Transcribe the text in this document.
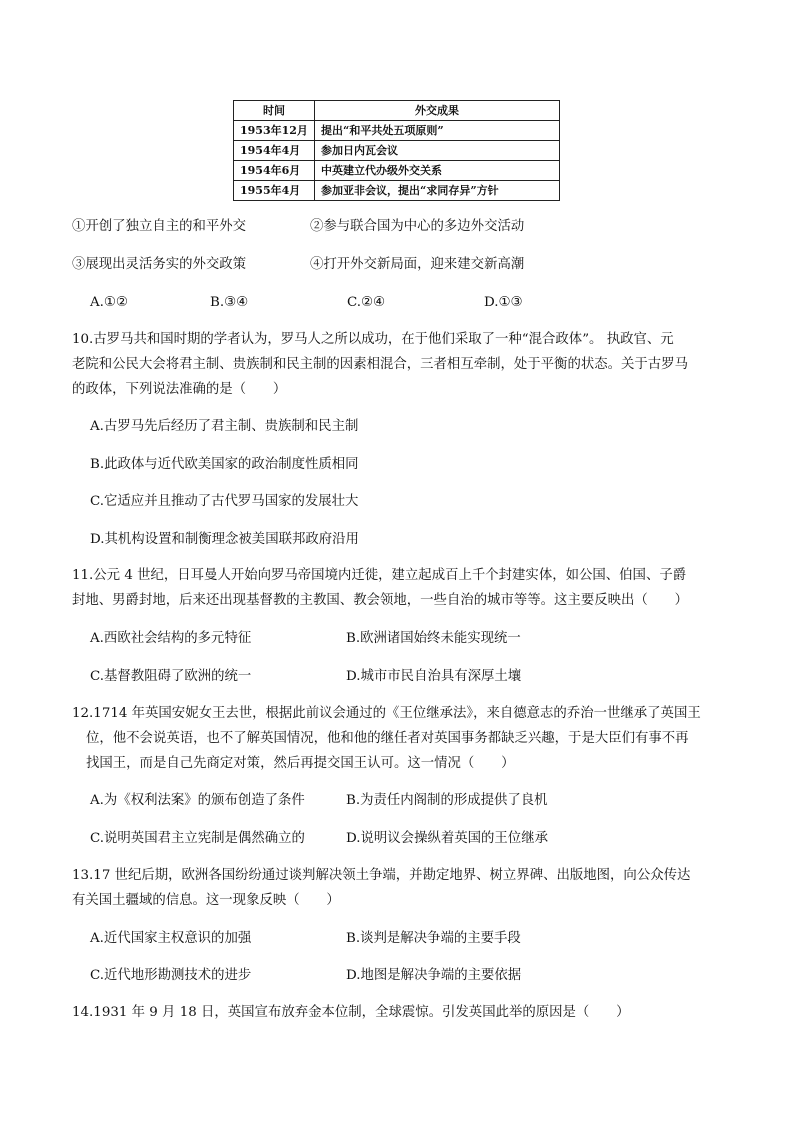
时间	外交成果
1953年12月	提出“和平共处五项原则”
1954年4月	参加日内瓦会议
1954年6月	中英建立代办级外交关系
1955年4月	参加亚非会议，提出“求同存异”方针
①开创了独立自主的和平外交	②参与联合国为中心的多边外交活动
③展现出灵活务实的外交政策	④打开外交新局面，迎来建交新高潮
A.①②	B.③④	C.②④	D.①③
10.古罗马共和国时期的学者认为，罗马人之所以成功，在于他们采取了一种“混合政体”。 执政官、元
老院和公民大会将君主制、贵族制和民主制的因素相混合，三者相互牵制，处于平衡的状态。关于古罗马
的政体，下列说法准确的是（　　）
A.古罗马先后经历了君主制、贵族制和民主制
B.此政体与近代欧美国家的政治制度性质相同
C.它适应并且推动了古代罗马国家的发展壮大
D.其机构设置和制衡理念被美国联邦政府沿用
11.公元 4 世纪，日耳曼人开始向罗马帝国境内迁徙，建立起成百上千个封建实体，如公国、伯国、子爵
封地、男爵封地，后来还出现基督教的主教国、教会领地，一些自治的城市等等。这主要反映出（　　）
A.西欧社会结构的多元特征	B.欧洲诸国始终未能实现统一
C.基督教阻碍了欧洲的统一	D.城市市民自治具有深厚土壤
12.1714 年英国安妮女王去世，根据此前议会通过的《王位继承法》，来自德意志的乔治一世继承了英国王
位，他不会说英语，也不了解英国情况，他和他的继任者对英国事务都缺乏兴趣，于是大臣们有事不再
找国王，而是自己先商定对策，然后再提交国王认可。这一情况（　　）
A.为《权利法案》的颁布创造了条件	B.为责任内阁制的形成提供了良机
C.说明英国君主立宪制是偶然确立的	D.说明议会操纵着英国的王位继承
13.17 世纪后期，欧洲各国纷纷通过谈判解决领土争端，并勘定地界、树立界碑、出版地图，向公众传达
有关国土疆域的信息。这一现象反映（　　）
A.近代国家主权意识的加强	B.谈判是解决争端的主要手段
C.近代地形勘测技术的进步	D.地图是解决争端的主要依据
14.1931 年 9 月 18 日，英国宣布放弃金本位制，全球震惊。引发英国此举的原因是（　　）
